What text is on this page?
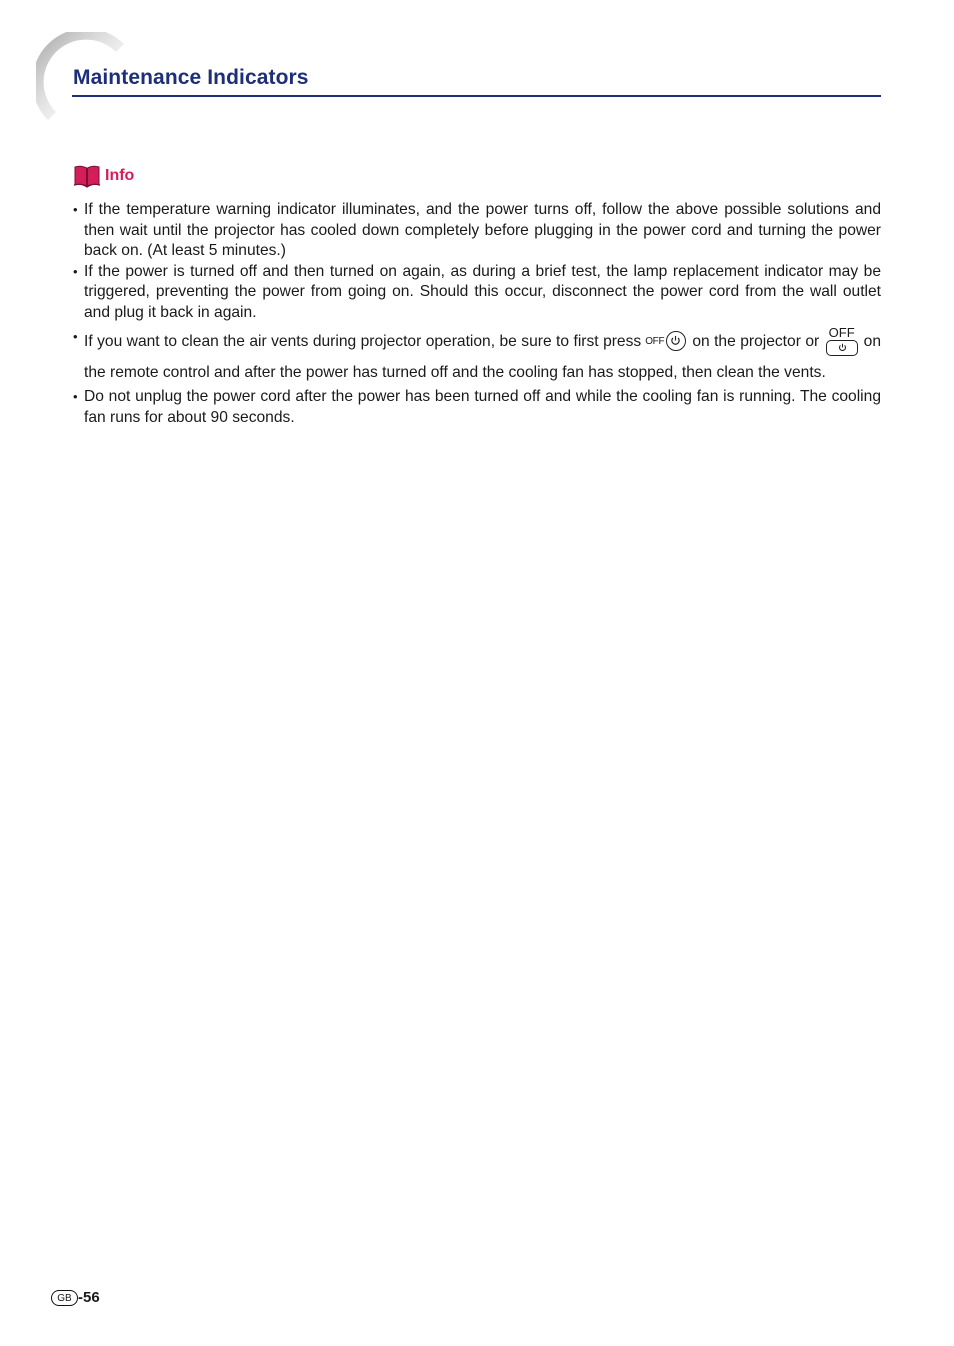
Maintenance Indicators
Info
• If the temperature warning indicator illuminates, and the power turns off, follow the above possible solutions and then wait until the projector has cooled down completely before plugging in the power cord and turning the power back on. (At least 5 minutes.)
• If the power is turned off and then turned on again, as during a brief test, the lamp replacement indicator may be triggered, preventing the power from going on. Should this occur, disconnect the power cord from the wall outlet and plug it back in again.
• If you want to clean the air vents during projector operation, be sure to first press OFF on the projector or
OFF
on the remote control and after the power has turned off and the cooling fan has stopped, then clean the vents.
• Do not unplug the power cord after the power has been turned off and while the cooling fan is running. The cooling fan runs for about 90 seconds.
GB -56
